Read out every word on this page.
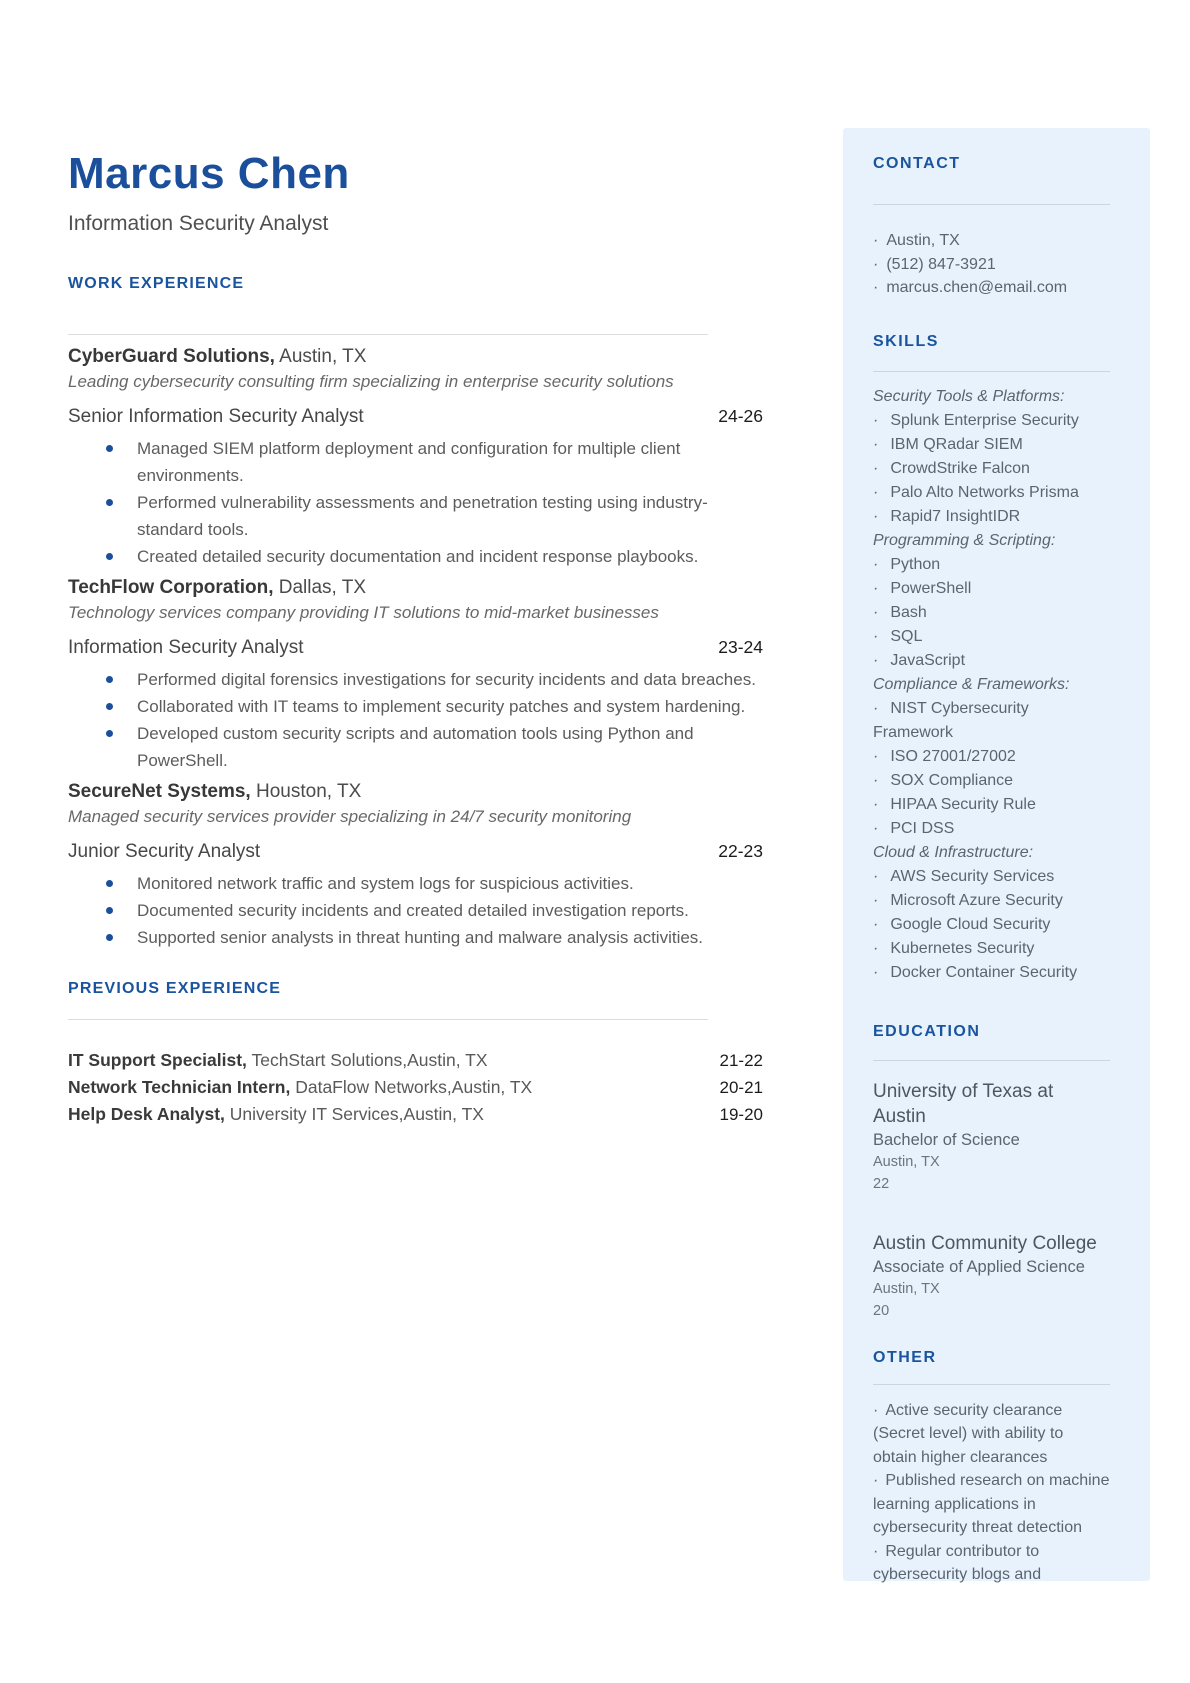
Marcus Chen
Information Security Analyst
WORK EXPERIENCE
CyberGuard Solutions, Austin, TX
Leading cybersecurity consulting firm specializing in enterprise security solutions
Senior Information Security Analyst	24-26
Managed SIEM platform deployment and configuration for multiple client environments.
Performed vulnerability assessments and penetration testing using industry-standard tools.
Created detailed security documentation and incident response playbooks.
TechFlow Corporation, Dallas, TX
Technology services company providing IT solutions to mid-market businesses
Information Security Analyst	23-24
Performed digital forensics investigations for security incidents and data breaches.
Collaborated with IT teams to implement security patches and system hardening.
Developed custom security scripts and automation tools using Python and PowerShell.
SecureNet Systems, Houston, TX
Managed security services provider specializing in 24/7 security monitoring
Junior Security Analyst	22-23
Monitored network traffic and system logs for suspicious activities.
Documented security incidents and created detailed investigation reports.
Supported senior analysts in threat hunting and malware analysis activities.
PREVIOUS EXPERIENCE
IT Support Specialist, TechStart Solutions,Austin, TX	21-22
Network Technician Intern, DataFlow Networks,Austin, TX	20-21
Help Desk Analyst, University IT Services,Austin, TX	19-20
CONTACT
· Austin, TX
· (512) 847-3921
· marcus.chen@email.com
SKILLS
Security Tools & Platforms:
· Splunk Enterprise Security
· IBM QRadar SIEM
· CrowdStrike Falcon
· Palo Alto Networks Prisma
· Rapid7 InsightIDR
Programming & Scripting:
· Python
· PowerShell
· Bash
· SQL
· JavaScript
Compliance & Frameworks:
· NIST Cybersecurity Framework
· ISO 27001/27002
· SOX Compliance
· HIPAA Security Rule
· PCI DSS
Cloud & Infrastructure:
· AWS Security Services
· Microsoft Azure Security
· Google Cloud Security
· Kubernetes Security
· Docker Container Security
EDUCATION
University of Texas at Austin
Bachelor of Science
Austin, TX
22
Austin Community College
Associate of Applied Science
Austin, TX
20
OTHER
· Active security clearance (Secret level) with ability to obtain higher clearances
· Published research on machine learning applications in cybersecurity threat detection
· Regular contributor to cybersecurity blogs and
